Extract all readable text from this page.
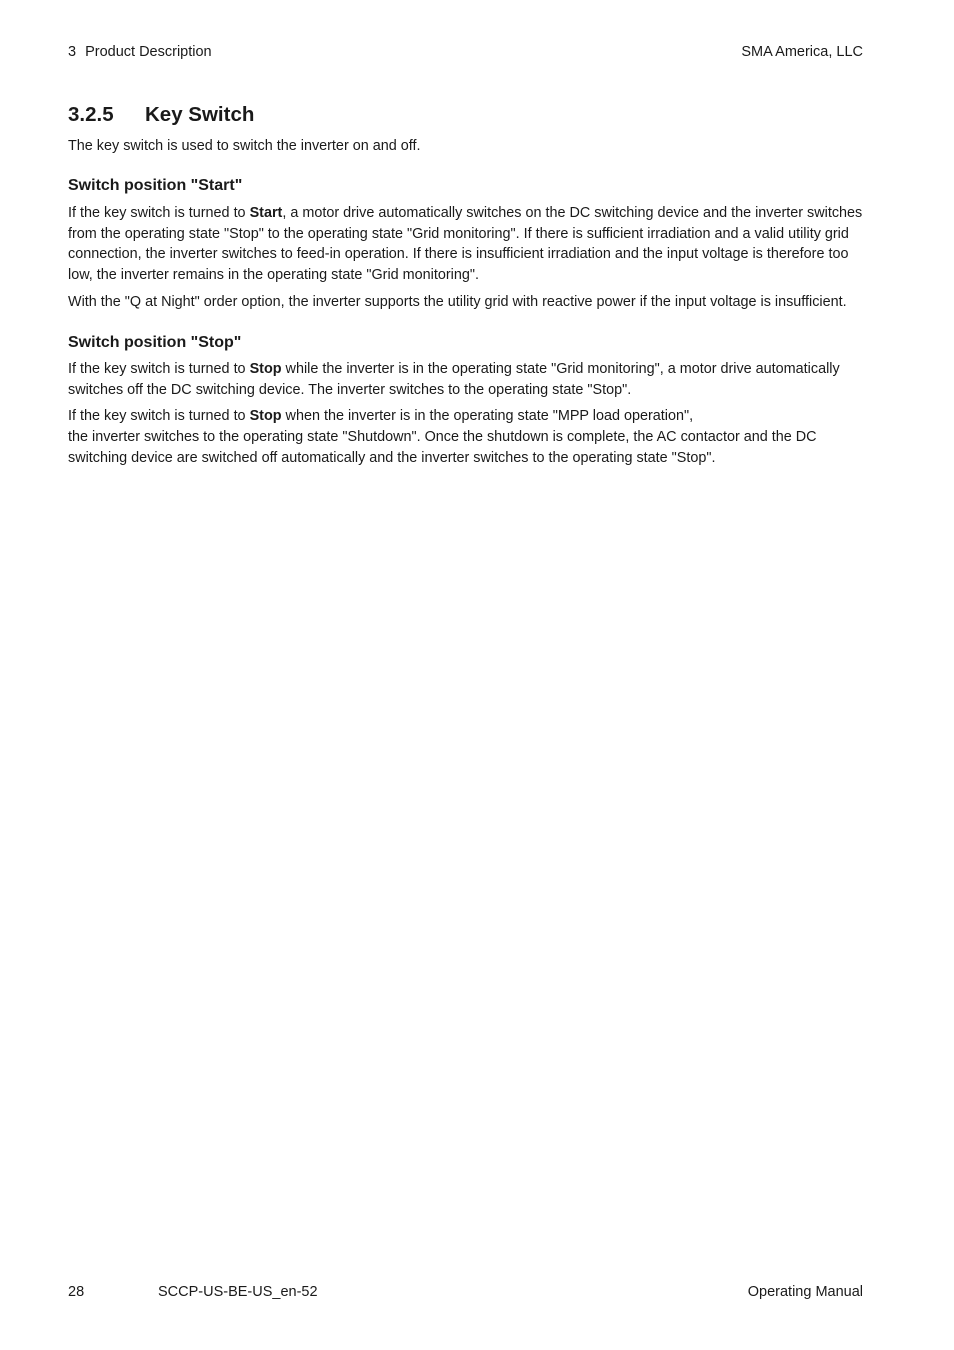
3 Product Description	SMA America, LLC
3.2.5 Key Switch

The key switch is used to switch the inverter on and off.

Switch position "Start"

If the key switch is turned to Start, a motor drive automatically switches on the DC switching device and the inverter switches from the operating state "Stop" to the operating state "Grid monitoring". If there is sufficient irradiation and a valid utility grid connection, the inverter switches to feed-in operation. If there is insufficient irradiation and the input voltage is therefore too low, the inverter remains in the operating state "Grid monitoring".

With the "Q at Night" order option, the inverter supports the utility grid with reactive power if the input voltage is insufficient.

Switch position "Stop"

If the key switch is turned to Stop while the inverter is in the operating state "Grid monitoring", a motor drive automatically switches off the DC switching device. The inverter switches to the operating state "Stop".

If the key switch is turned to Stop when the inverter is in the operating state "MPP load operation",
the inverter switches to the operating state "Shutdown". Once the shutdown is complete, the AC contactor and the DC switching device are switched off automatically and the inverter switches to the operating state "Stop".

28	SCCP-US-BE-US_en-52	Operating Manual
